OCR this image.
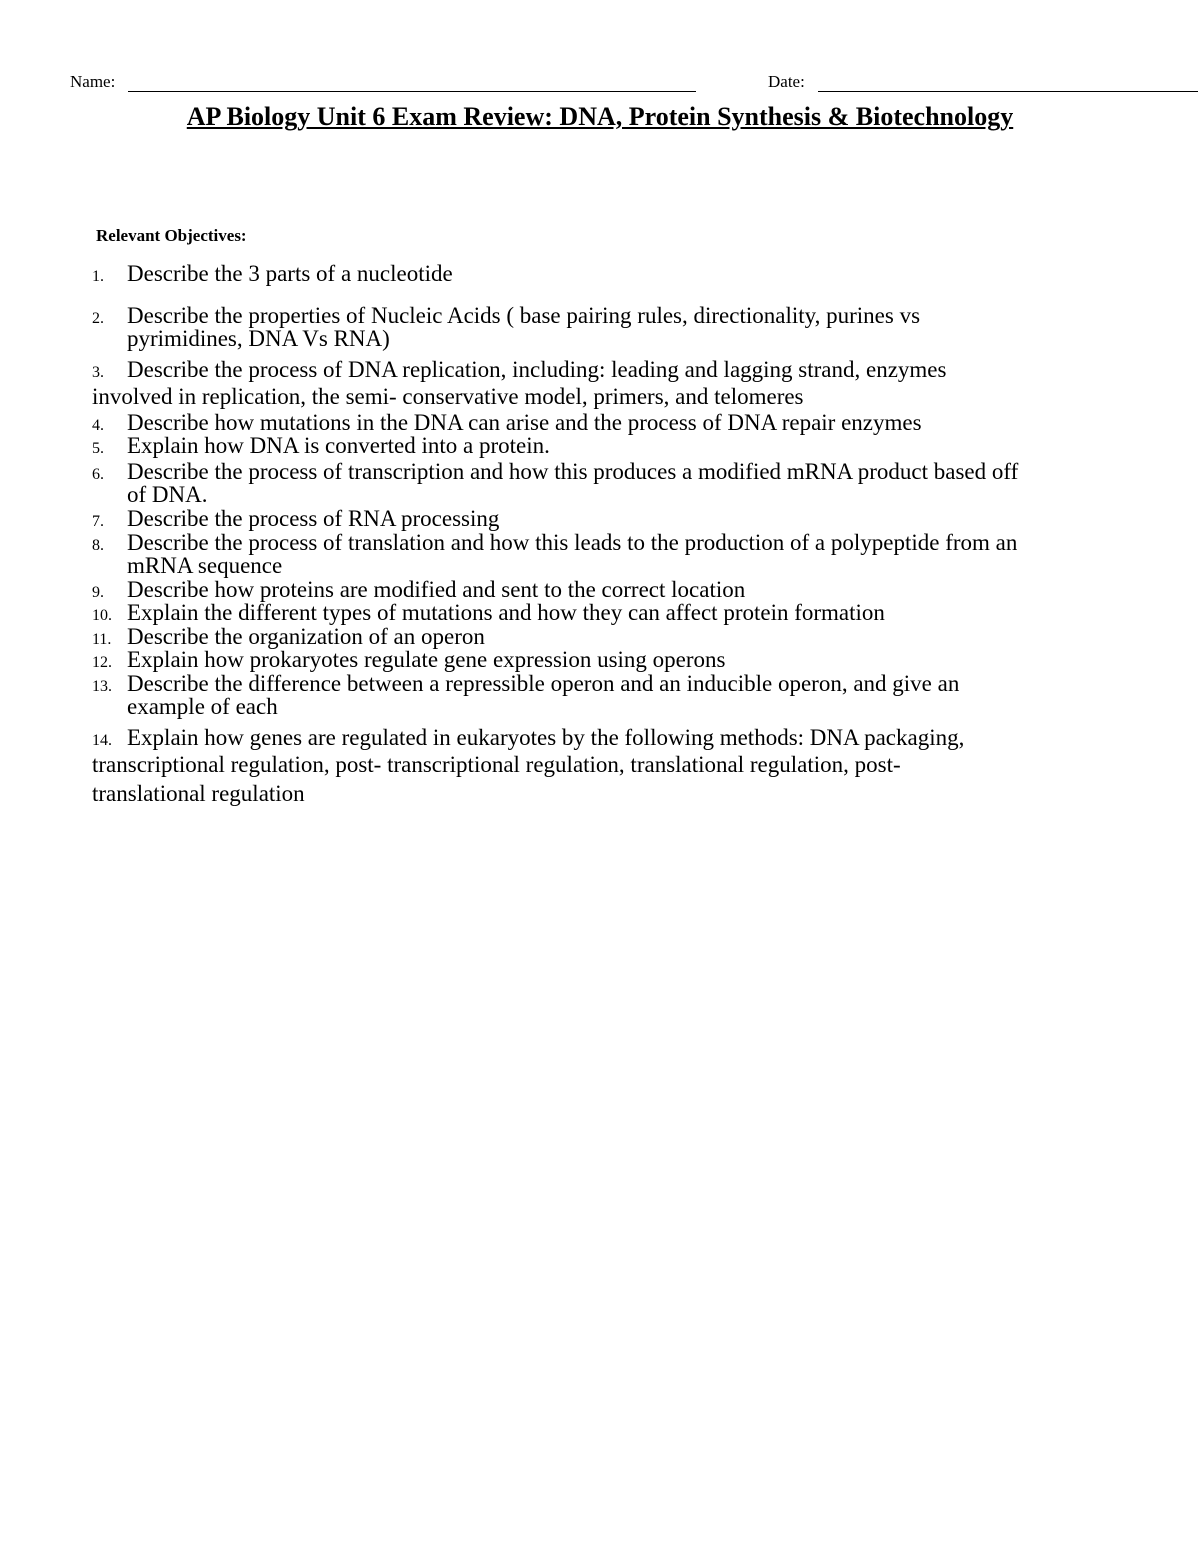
Name:	Date:
AP Biology Unit 6 Exam Review: DNA, Protein Synthesis & Biotechnology
Relevant Objectives:
1.	Describe the 3 parts of a nucleotide
2.	Describe the properties of Nucleic Acids ( base pairing rules, directionality, purines vs
pyrimidines, DNA Vs RNA)
3.	Describe the process of DNA replication, including: leading and lagging strand, enzymes
involved in replication, the semi- conservative model, primers, and telomeres
4.	Describe how mutations in the DNA can arise and the process of DNA repair enzymes
5.	Explain how DNA is converted into a protein.
6.	Describe the process of transcription and how this produces a modified mRNA product based off
of DNA.
7.	Describe the process of RNA processing
8.	Describe the process of translation and how this leads to the production of a polypeptide from an
mRNA sequence
9.	Describe how proteins are modified and sent to the correct location
10. Explain the different types of mutations and how they can affect protein formation
11. Describe the organization of an operon
12. Explain how prokaryotes regulate gene expression using operons
13. Describe the difference between a repressible operon and an inducible operon, and give an
example of each
14. Explain how genes are regulated in eukaryotes by the following methods: DNA packaging,
transcriptional regulation, post- transcriptional regulation, translational regulation, post-
translational regulation
